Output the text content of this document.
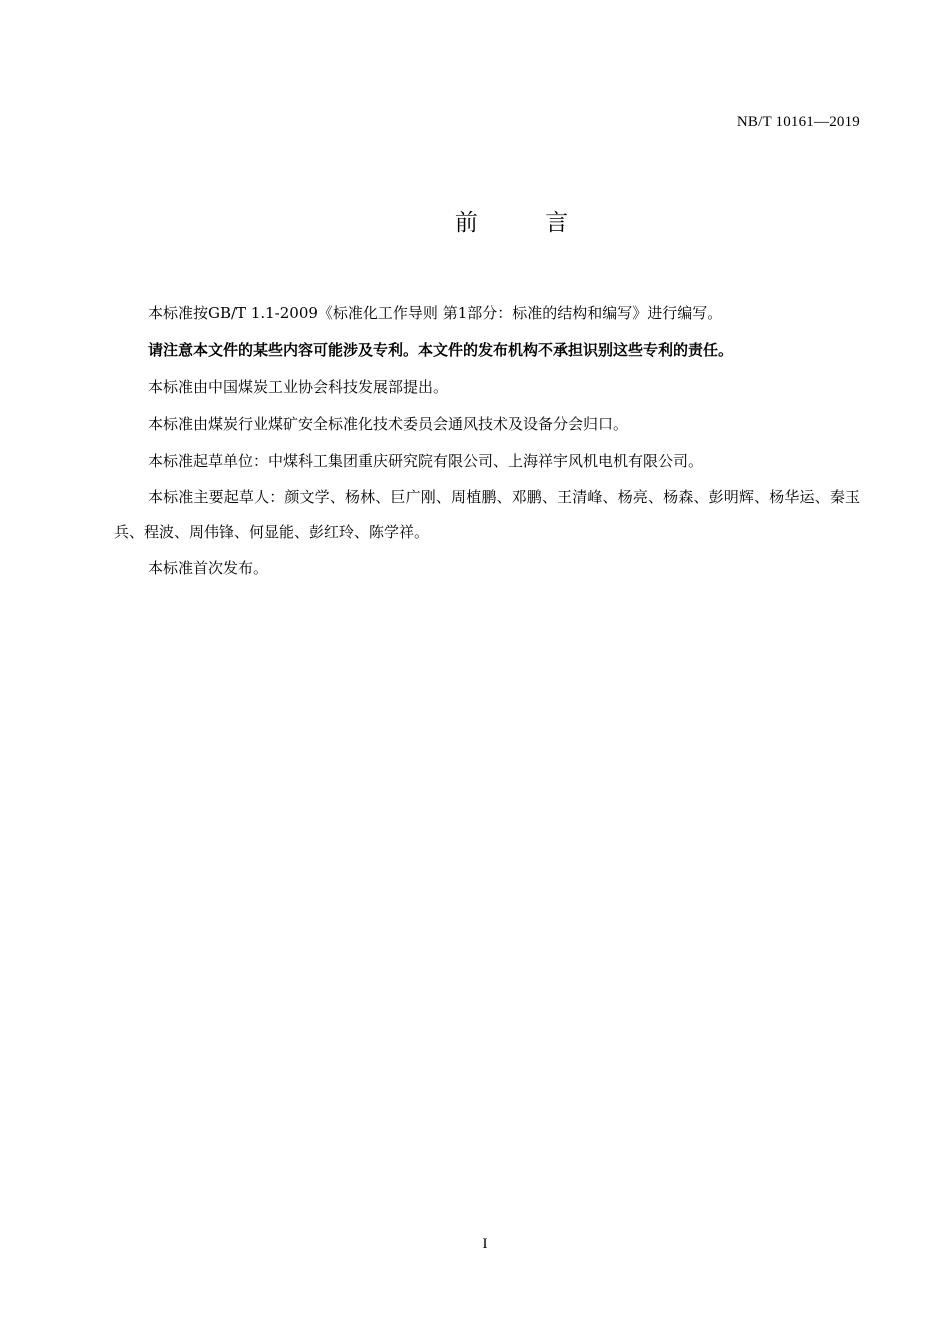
NB/T 10161—2019
前 言

本标准按GB/T 1.1-2009《标准化工作导则 第1部分：标准的结构和编写》进行编写。

请注意本文件的某些内容可能涉及专利。本文件的发布机构不承担识别这些专利的责任。

本标准由中国煤炭工业协会科技发展部提出。

本标准由煤炭行业煤矿安全标准化技术委员会通风技术及设备分会归口。

本标准起草单位：中煤科工集团重庆研究院有限公司、上海祥宇风机电机有限公司。

本标准主要起草人：颜文学、杨林、巨广刚、周植鹏、邓鹏、王清峰、杨亮、杨森、彭明辉、杨华运、秦玉兵、程波、周伟锋、何显能、彭红玲、陈学祥。

本标准首次发布。

I
